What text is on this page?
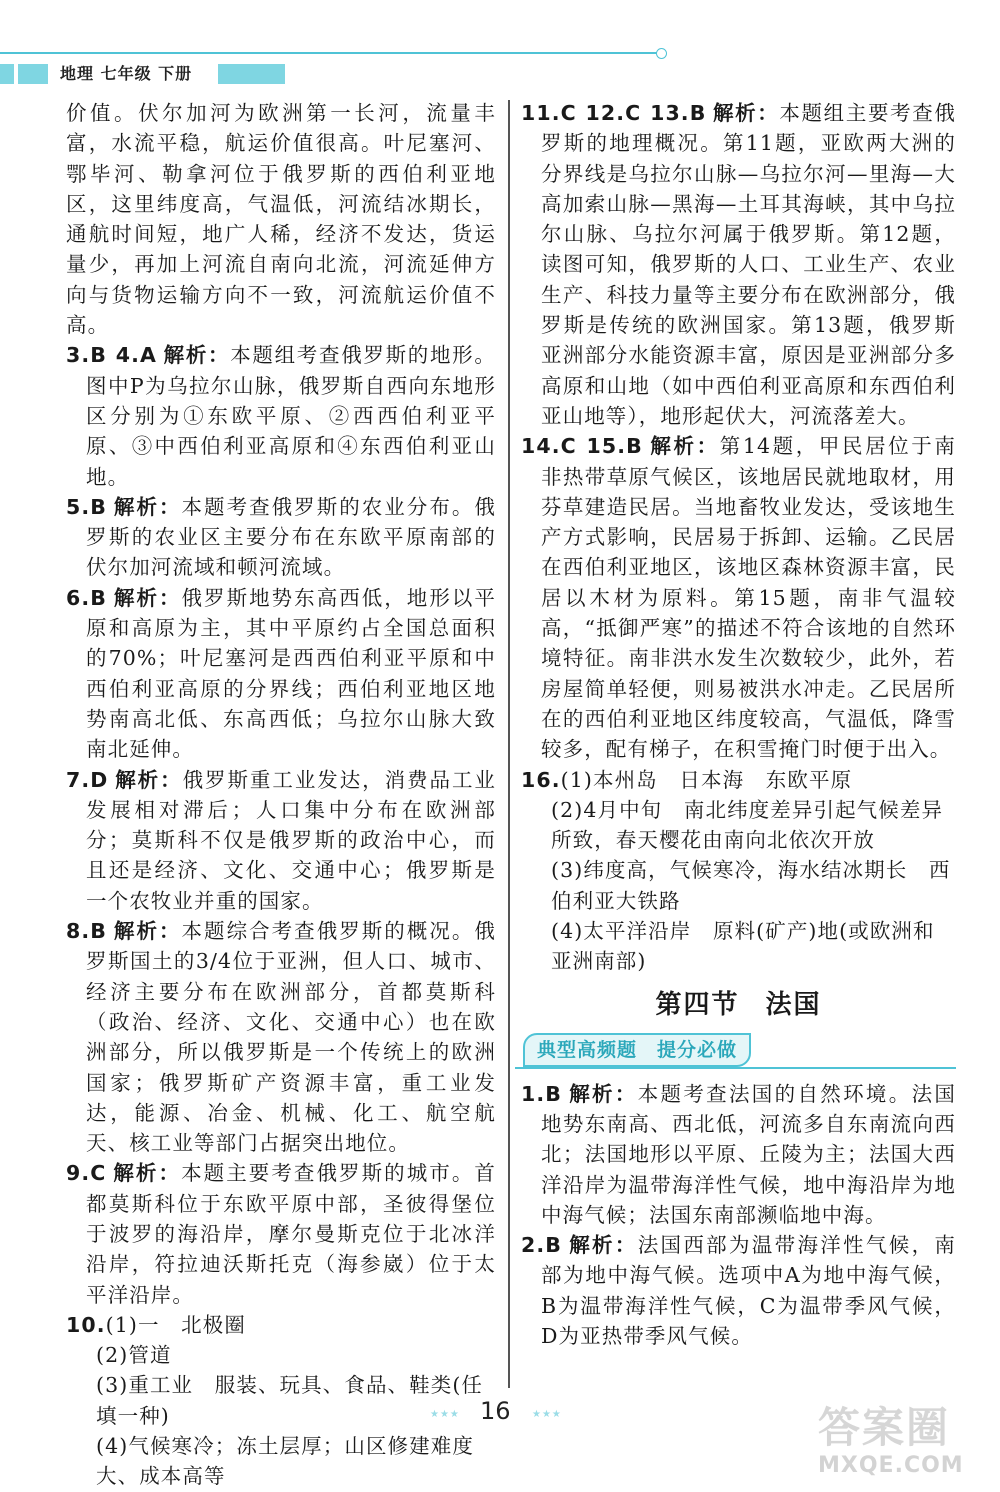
地理 七年级 下册

价值。伏尔加河为欧洲第一长河，流量丰富，水流平稳，航运价值很高。叶尼塞河、鄂毕河、勒拿河位于俄罗斯的西伯利亚地区，这里纬度高，气温低，河流结冰期长，通航时间短，地广人稀，经济不发达，货运量少，再加上河流自南向北流，河流延伸方向与货物运输方向不一致，河流航运价值不高。

3.B 4.A 解析：本题组考查俄罗斯的地形。图中P为乌拉尔山脉，俄罗斯自西向东地形区分别为①东欧平原、②西西伯利亚平原、③中西伯利亚高原和④东西伯利亚山地。

5.B 解析：本题考查俄罗斯的农业分布。俄罗斯的农业区主要分布在东欧平原南部的伏尔加河流域和顿河流域。

6.B 解析：俄罗斯地势东高西低，地形以平原和高原为主，其中平原约占全国总面积的70%；叶尼塞河是西西伯利亚平原和中西伯利亚高原的分界线；西伯利亚地区地势南高北低、东高西低；乌拉尔山脉大致南北延伸。

7.D 解析：俄罗斯重工业发达，消费品工业发展相对滞后；人口集中分布在欧洲部分；莫斯科不仅是俄罗斯的政治中心，而且还是经济、文化、交通中心；俄罗斯是一个农牧业并重的国家。

8.B 解析：本题综合考查俄罗斯的概况。俄罗斯国土的3/4位于亚洲，但人口、城市、经济主要分布在欧洲部分，首都莫斯科（政治、经济、文化、交通中心）也在欧洲部分，所以俄罗斯是一个传统上的欧洲国家；俄罗斯矿产资源丰富，重工业发达，能源、冶金、机械、化工、航空航天、核工业等部门占据突出地位。

9.C 解析：本题主要考查俄罗斯的城市。首都莫斯科位于东欧平原中部，圣彼得堡位于波罗的海沿岸，摩尔曼斯克位于北冰洋沿岸，符拉迪沃斯托克（海参崴）位于太平洋沿岸。

10.(1)一　北极圈

(2)管道

(3)重工业　服装、玩具、食品、鞋类(任填一种)

(4)气候寒冷；冻土层厚；山区修建难度大、成本高等

11.C 12.C 13.B 解析：本题组主要考查俄罗斯的地理概况。第11题，亚欧两大洲的分界线是乌拉尔山脉—乌拉尔河—里海—大高加索山脉—黑海—土耳其海峡，其中乌拉尔山脉、乌拉尔河属于俄罗斯。第12题，读图可知，俄罗斯的人口、工业生产、农业生产、科技力量等主要分布在欧洲部分，俄罗斯是传统的欧洲国家。第13题，俄罗斯亚洲部分水能资源丰富，原因是亚洲部分多高原和山地（如中西伯利亚高原和东西伯利亚山地等），地形起伏大，河流落差大。

14.C 15.B 解析：第14题，甲民居位于南非热带草原气候区，该地居民就地取材，用芬草建造民居。当地畜牧业发达，受该地生产方式影响，民居易于拆卸、运输。乙民居在西伯利亚地区，该地区森林资源丰富，民居以木材为原料。第15题，南非气温较高，“抵御严寒”的描述不符合该地的自然环境特征。南非洪水发生次数较少，此外，若房屋简单轻便，则易被洪水冲走。乙民居所在的西伯利亚地区纬度较高，气温低，降雪较多，配有梯子，在积雪掩门时便于出入。

16.(1)本州岛　日本海　东欧平原

(2)4月中旬　南北纬度差异引起气候差异所致，春天樱花由南向北依次开放

(3)纬度高，气候寒冷，海水结冰期长　西伯利亚大铁路

(4)太平洋沿岸　原料(矿产)地(或欧洲和亚洲南部)

第四节 法国
典型高频题　提分必做

1.B 解析：本题考查法国的自然环境。法国地势东南高、西北低，河流多自东南流向西北；法国地形以平原、丘陵为主；法国大西洋沿岸为温带海洋性气候，地中海沿岸为地中海气候；法国东南部濒临地中海。

2.B 解析：法国西部为温带海洋性气候，南部为地中海气候。选项中A为地中海气候，B为温带海洋性气候，C为温带季风气候，D为亚热带季风气候。

★★★ 16 ★★★	答案圈
MXQE.COM
